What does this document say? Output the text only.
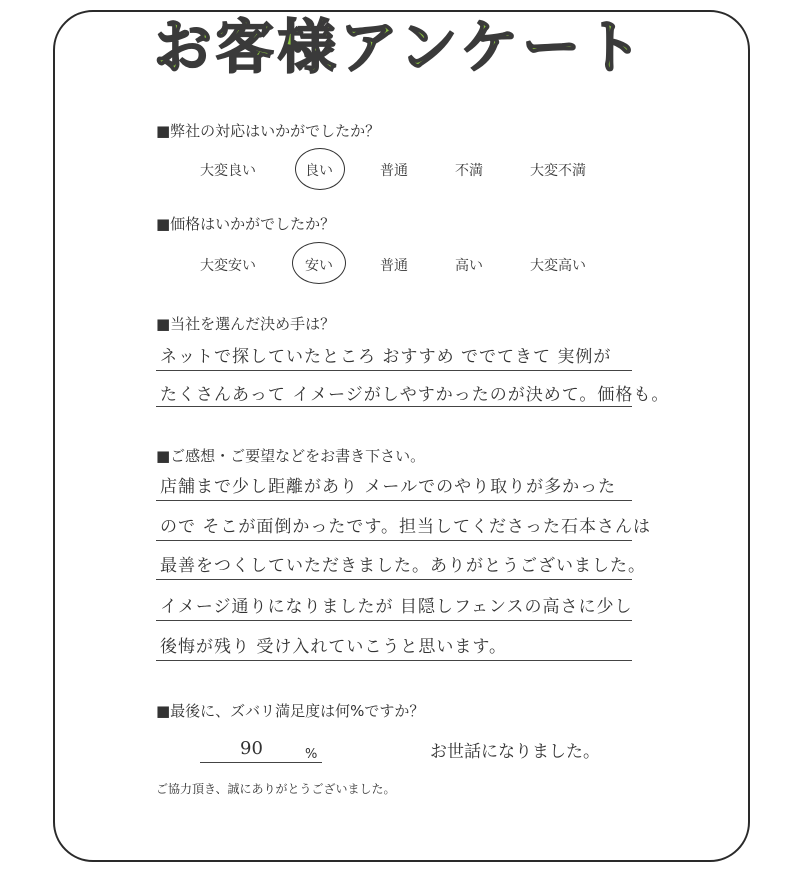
お客様アンケート
■弊社の対応はいかがでしたか？
大変良い	良い	普通	不満	大変不満
■価格はいかがでしたか？
大変安い	安い	普通	高い	大変高い
■当社を選んだ決め手は？
ネットで探していたところ おすすめ ででてきて 実例が
たくさんあって イメージがしやすかったのが決めて。価格も。
■ご感想・ご要望などをお書き下さい。
店舗まで少し距離があり メールでのやり取りが多かった
ので そこが面倒かったです。担当してくださった石本さんは
最善をつくしていただきました。ありがとうございました。
イメージ通りになりましたが 目隠しフェンスの高さに少し
後悔が残り 受け入れていこうと思います。
■最後に、ズバリ満足度は何%ですか？
90	%	お世話になりました。
ご協力頂き、誠にありがとうございました。
